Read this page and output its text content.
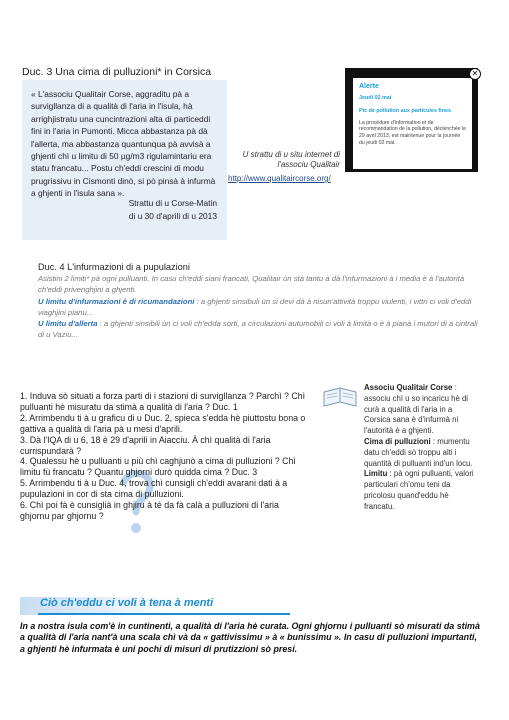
Duc. 3 Una cima di pulluzioni* in Corsica
« L'associu Qualitair Corse, aggraditu pà a survigllanza di a qualità di l'aria in l'isula, hà arrighjistratu una cuncintrazioni alta di particeddi fini in l'aria in Pumonti. Micca abbastanza pà dà l'allerta, ma abbastanza quantunqua pà avvisà a ghjenti chì u limitu di 50 µg/m3 rigulamintariu era statu francatu... Postu ch'eddi crescini di modu prugrissivu in Cismonti dinò, si pò pinsà à infurmà a ghjenti in l'isula sana ».
Strattu di u Corse-Matin
di u 30 d'aprili di u 2013
Alerte
Jeudi 02 mai
Pic de pollution aux particules fines
La procédure d'information et de recommandation de la pollution, déclenchée le 29 avril 2013, est maintenue pour la journée du jeudi 02 mai.
✕
U strattu di u situ internet di l'associu Qualitair
http://www.qualitaircorse.org/
Duc. 4 L'infurmazioni di a pupulazioni
Asistini 2 limiti* pà ogni pulluanti. In casu ch'eddi siani francati, Qualitair ùn stà tantu à dà l'infurmazioni à i media è à l'autorità ch'eddi privenghjini a ghjenti.
U limitu d'infurmazioni è di ricumandazioni : a ghjenti sinsibuli ùn si devi dà à nisun'attività troppu viulenti, i vittri ci voli d'eddi viaghjini pianu...
U limitu d'allerta : a ghjenti sinsibili ùn ci voli ch'edda sorti, a circulazioni autumobili ci voli à limità o è à pianà i mutori di a cintrali di u Vaziu...

1. Induva sò situati a forza parti di i stazioni di survigllanza ? Parchì ? Chì pulluanti hè misuratu da stimà a qualità di l'aria ? Duc. 1

2. Arrimbendu ti à u graficu di u Duc. 2, spieca s'edda hè piuttostu bona o gattiva a qualità di l'aria pà u mesi d'aprili.

3. Dà l'IQA di u 6, 18 è 29 d'aprili in Aiacciu. À chì qualità di l'aria currispundarà ?

4. Qualessu hè u pulluanti u più chì caghjunò a cima di pulluzioni ? Chì limitu fù francatu ? Quantu ghjorni durò quidda cima ? Duc. 3

5. Arrimbendu ti à u Duc. 4, trova chì cunsigli ch'eddi avarani dati à a pupulazioni in cor di sta cima di pulluzioni.

6. Chì poi fà è cunsiglià in ghjiru à tè da fà calà a pulluzioni di l'aria ghjornu par ghjornu ?

Associu Qualitair Corse : associu chì u so incaricu hè di curà a qualità di l'aria in a Corsica sana è d'infurmà ni l'autorità è a ghjenti.
Cima di pulluzioni : mumentu datu ch'eddi sò troppu alti i quantità di pulluanti ind'un locu.
Limitu : pà ogni pulluanti, valori particulari ch'omu teni da pricolosu quand'eddu hè francatu.
Ciò ch'eddu ci voli à tena à menti
In a nostra isula com'è in cuntinenti, a qualità di l'aria hè curata. Ogni ghjornu i pulluanti sò misurati da stimà a qualità di l'aria nant'à una scala chì và da « gattivissimu » à « bunissimu ». In casu di pulluzioni impurtanti, a ghjenti hè infurmata è uni pochi di misuri di prutizzioni sò presi.
